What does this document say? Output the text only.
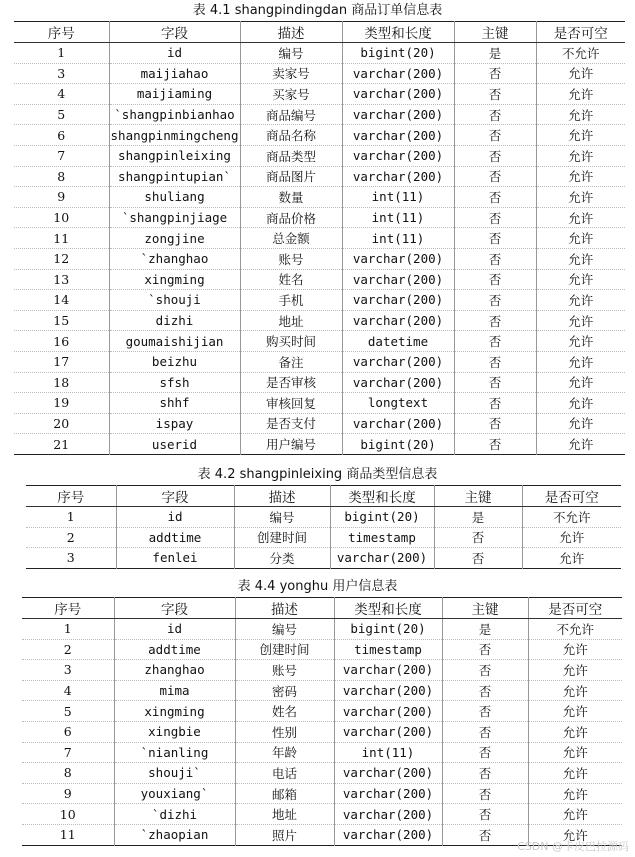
表 4.1 shangpindingdan 商品订单信息表
序号	字段	描述	类型和长度	主键	是否可空
1	id	编号	bigint(20)	是	不允许
3	maijiahao	卖家号	varchar(200)	否	允许
4	maijiaming	买家号	varchar(200)	否	允许
5	`shangpinbianhao	商品编号	varchar(200)	否	允许
6	shangpinmingcheng	商品名称	varchar(200)	否	允许
7	shangpinleixing	商品类型	varchar(200)	否	允许
8	shangpintupian`	商品图片	varchar(200)	否	允许
9	shuliang	数量	int(11)	否	允许
10	`shangpinjiage	商品价格	int(11)	否	允许
11	zongjine	总金额	int(11)	否	允许
12	`zhanghao	账号	varchar(200)	否	允许
13	xingming	姓名	varchar(200)	否	允许
14	`shouji	手机	varchar(200)	否	允许
15	dizhi	地址	varchar(200)	否	允许
16	goumaishijian	购买时间	datetime	否	允许
17	beizhu	备注	varchar(200)	否	允许
18	sfsh	是否审核	varchar(200)	否	允许
19	shhf	审核回复	longtext	否	允许
20	ispay	是否支付	varchar(200)	否	允许
21	userid	用户编号	bigint(20)	否	允许
表 4.2 shangpinleixing 商品类型信息表
序号	字段	描述	类型和长度	主键	是否可空
1	id	编号	bigint(20)	是	不允许
2	addtime	创建时间	timestamp	否	允许
3	fenlei	分类	varchar(200)	否	允许
表 4.4 yonghu 用户信息表
序号	字段	描述	类型和长度	主键	是否可空
1	id	编号	bigint(20)	是	不允许
2	addtime	创建时间	timestamp	否	允许
3	zhanghao	账号	varchar(200)	否	允许
4	mima	密码	varchar(200)	否	允许
5	xingming	姓名	varchar(200)	否	允许
6	xingbie	性别	varchar(200)	否	允许
7	`nianling	年龄	int(11)	否	允许
8	shouji`	电话	varchar(200)	否	允许
9	youxiang`	邮箱	varchar(200)	否	允许
10	`dizhi	地址	varchar(200)	否	允许
11	`zhaopian	照片	varchar(200)	否	允许
CSDN @卡皮巴拉源码
